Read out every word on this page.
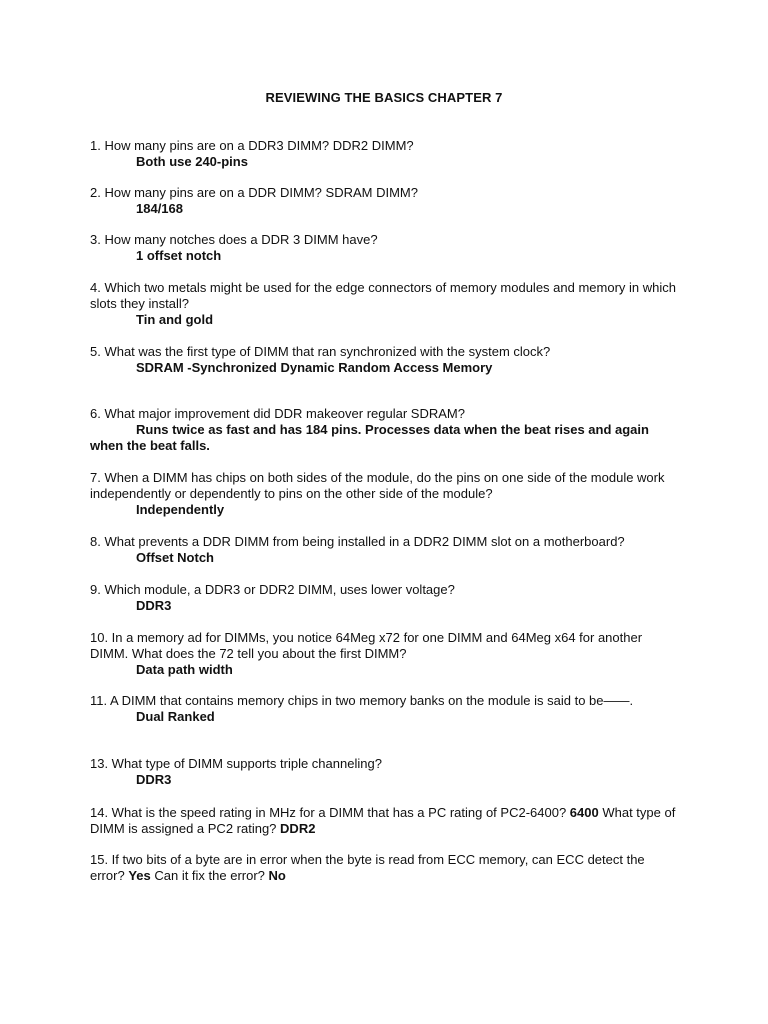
REVIEWING THE BASICS CHAPTER 7
1. How many pins are on a DDR3 DIMM? DDR2 DIMM?
Both use 240-pins
2. How many pins are on a DDR DIMM? SDRAM DIMM?
184/168
3. How many notches does a DDR 3 DIMM have?
1 offset notch
4. Which two metals might be used for the edge connectors of memory modules and memory in which slots they install?
Tin and gold
5. What was the first type of DIMM that ran synchronized with the system clock?
SDRAM -Synchronized Dynamic Random Access Memory
6. What major improvement did DDR makeover regular SDRAM?
Runs twice as fast and has 184 pins. Processes data when the beat rises and again when the beat falls.
7. When a DIMM has chips on both sides of the module, do the pins on one side of the module work independently or dependently to pins on the other side of the module?
Independently
8. What prevents a DDR DIMM from being installed in a DDR2 DIMM slot on a motherboard?
Offset Notch
9. Which module, a DDR3 or DDR2 DIMM, uses lower voltage?
DDR3
10. In a memory ad for DIMMs, you notice 64Meg x72 for one DIMM and 64Meg x64 for another DIMM. What does the 72 tell you about the first DIMM?
Data path width
11. A DIMM that contains memory chips in two memory banks on the module is said to be——.
Dual Ranked
13. What type of DIMM supports triple channeling?
DDR3
14. What is the speed rating in MHz for a DIMM that has a PC rating of PC2-6400? 6400 What type of DIMM is assigned a PC2 rating? DDR2
15. If two bits of a byte are in error when the byte is read from ECC memory, can ECC detect the error? Yes Can it fix the error? No
